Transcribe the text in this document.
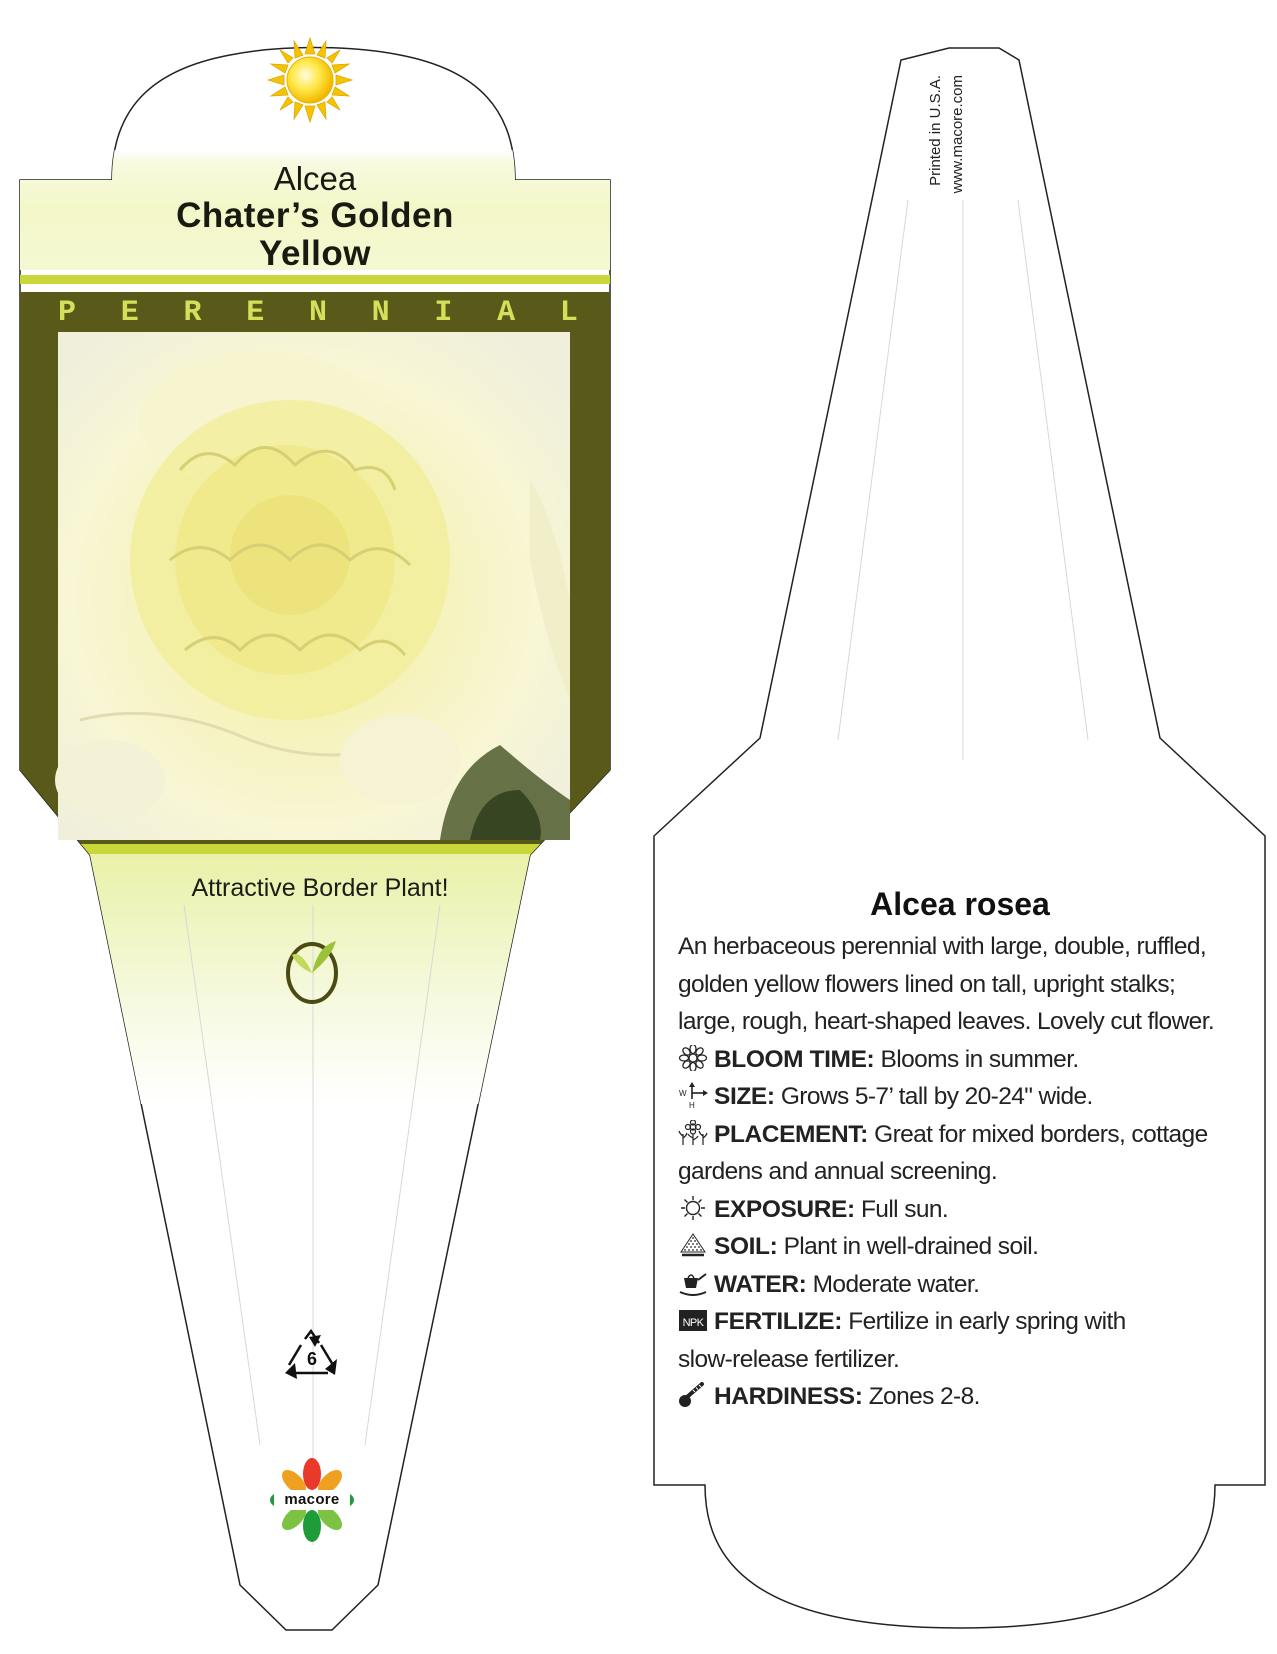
Alcea
Chater’s Golden
Yellow
P E R E N N I A L
Attractive Border Plant!
6
macore
Printed in U.S.A. www.macore.com
Alcea rosea
An herbaceous perennial with large, double, ruffled,
golden yellow flowers lined on tall, upright stalks;
large, rough, heart-shaped leaves. Lovely cut flower.
BLOOM TIME: Blooms in summer.
W
H SIZE: Grows 5-7’ tall by 20-24" wide.
PLACEMENT: Great for mixed borders, cottage
gardens and annual screening.
EXPOSURE: Full sun.
SOIL: Plant in well-drained soil.
WATER: Moderate water.
NPK FERTILIZE: Fertilize in early spring with
slow-release fertilizer.
HARDINESS: Zones 2-8.
